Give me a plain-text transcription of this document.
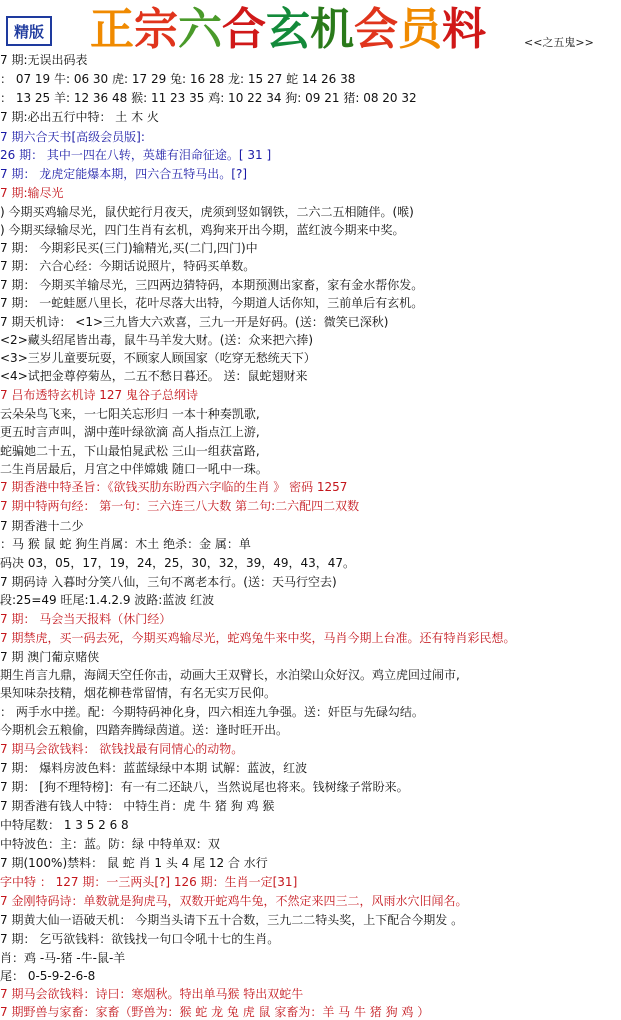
精版 正宗六合玄机会员料	<<之五鬼>>
7 期:无误出码表
： 07 19 牛: 06 30 虎: 17 29 兔: 16 28 龙: 15 27 蛇 14 26 38
： 13 25 羊: 12 36 48 猴: 11 23 35 鸡: 10 22 34 狗: 09 21 猪: 08 20 32
7 期:必出五行中特： 土 木 火
7 期六合天书[高级会员版]:
26 期： 其中一四在八转，英雄有泪命征途。[ 31 ]
7 期： 龙虎定能爆本期，四六合五特马出。[?]
7 期:输尽光
) 今期买鸡输尽光，鼠伏蛇行月夜天，虎须到竖如钢铁，二六二五相随伴。(喉)
) 今期买绿输尽光，四门生肖有玄机，鸡狗来开出今期，蓝红波今期来中奖。
7 期： 今期彩民买(三门)输精光,买(二门,四门)中
7 期： 六合心经：今期话说照片，特码买单数。
7 期： 今期买羊输尽光，三四两边猜特码，本期预测出家畜，家有金水帮你发。
7 期： 一蛇蛙愿八里长，花叶尽落大出特，今期道人话你知，三前单后有玄机。
7 期天机诗： <1>三九皆大六欢喜，三九一开是好码。(送：微笑已深秋)
<2>藏头绍尾皆出毒，鼠牛马羊发大财。(送：众来把六捧)
<3>三岁儿童要玩耍，不顾家人顾国家（吃穿无愁统天下）
<4>试把金尊停菊丛，二五不愁日暮还。 送：鼠蛇翅财来
7 吕布透特玄机诗 127 鬼谷子总纲诗
云朵朵鸟飞来，一七阳关忘形归 一本十种奏凯歌,
更五时言声叫，湖中莲叶绿欲滴 高人指点江上游,
蛇骗她二十五，下山最怕晁武松 三山一组获富路,
二生肖居最后，月宫之中伴嫦娥 随口一吼中一珠。
7 期香港中特圣旨：《欲钱买肋东盼西六字临的生肖 》 密码 1257
7 期中特两句经： 第一句：三六连三八大数 第二句:二六配四二双数
7 期香港十二少
：马 猴 鼠 蛇 狗生肖属：木土 绝杀：金 属：单
码决 03，05，17，19，24，25，30，32，39，49，43，47。
7 期码诗 入暮时分笑八仙，三句不离老本行。(送：天马行空去)
段:25=49 旺尾:1.4.2.9 波路:蓝波 红波
7 期： 马会当天报料（休门经）
7 期禁虎，买一码去死，今期买鸡输尽光，蛇鸡兔牛来中奖，马肖今期上台准。还有特肖彩民想。
7 期 澳门葡京赌侠
期生肖言九鼎，海阔天空任你击，动画大王双臂长，水泊梁山众好汉。鸡立虎回过闹市,
果知味杂技精，烟花柳巷常留情，有名无实万民仰。
： 两手水中搓。配：今期特码神化身，四六相连九争强。送：奸臣与先碌勾结。
今期机会五粮偷，四踏奔腾绿茵道。送：逢时旺开出。
7 期马会欲钱料： 欲钱找最有同情心的动物。
7 期： 爆料房波色料：蓝蓝绿绿中本期 试解：蓝波，红波
7 期： [狗不理特榜]：有一有二还缺八，当然说尾也将来。钱树缘子常盼来。
7 期香港有钱人中特： 中特生肖：虎 牛 猪 狗 鸡 猴
中特尾数： 1 3 5 2 6 8
中特波色：主：蓝。防：绿 中特单双：双
7 期(100%)禁料： 鼠 蛇 肖 1 头 4 尾 12 合 水行
字中特 ： 127 期：一三两头[?] 126 期：生肖一定[31]
7 金刚特码诗：单数就是狗虎马，双数开蛇鸡牛兔，不然定来四三二，风雨水穴旧闻名。
7 期黄大仙一语破天机： 今期当头请下五十合数，三九二二特头奖，上下配合今期发 。
7 期： 乞丐欲钱料：欲钱找一句口令吼十七的生肖。
肖：鸡 -马-猪 -牛-鼠-羊
尾： 0-5-9-2-6-8
7 期马会欲钱料：诗曰：寒烟秋。特出单马猴 特出双蛇牛
7 期野兽与家畜：家畜（野兽为：猴 蛇 龙 兔 虎 鼠 家畜为：羊 马 牛 猪 狗 鸡 ）
